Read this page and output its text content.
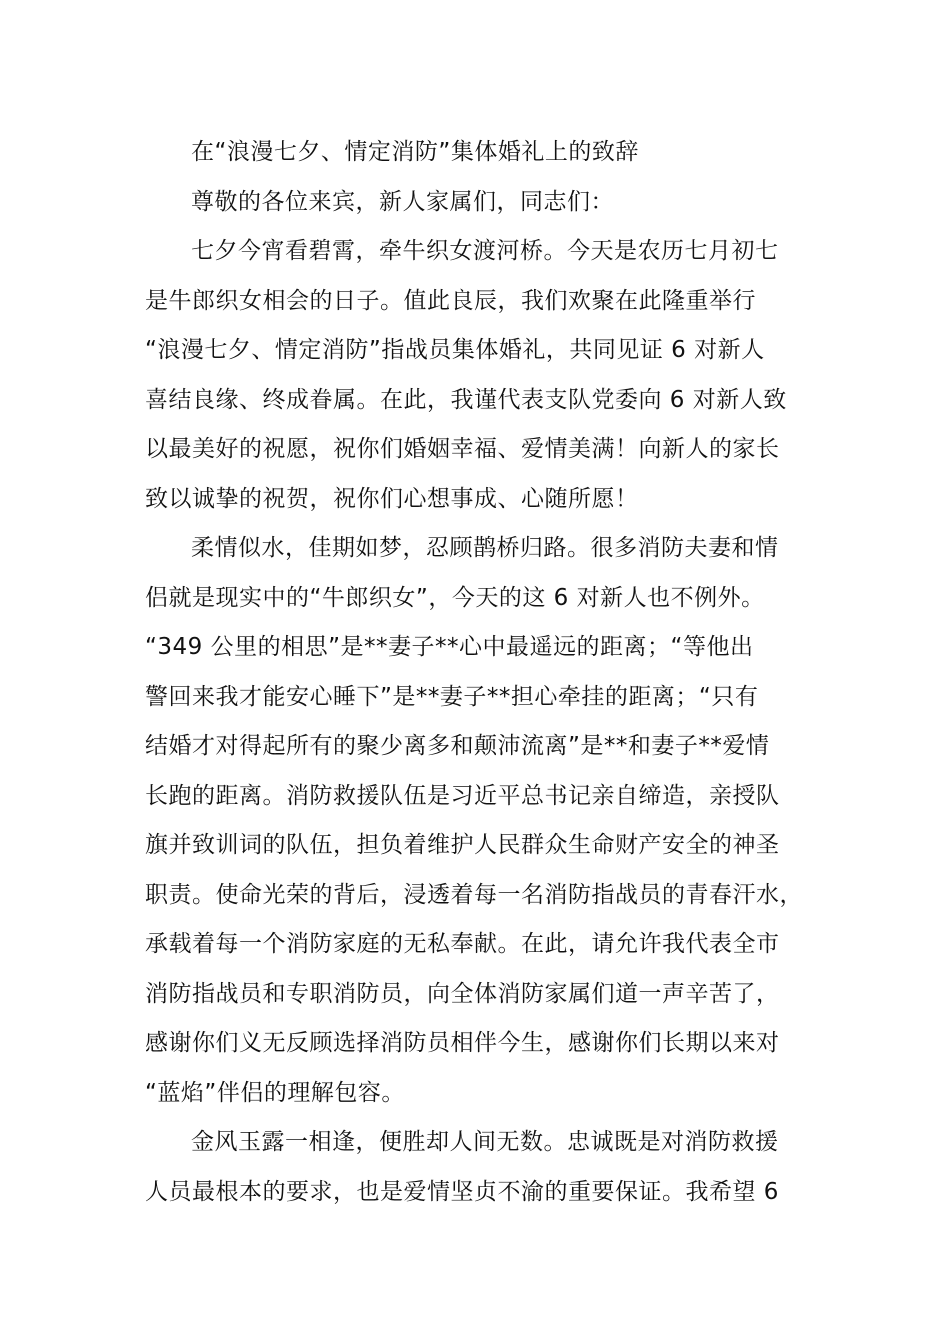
在“浪漫七夕、情定消防”集体婚礼上的致辞
尊敬的各位来宾，新人家属们，同志们：
七夕今宵看碧霄，牵牛织女渡河桥。今天是农历七月初七
是牛郎织女相会的日子。值此良辰，我们欢聚在此隆重举行
“浪漫七夕、情定消防”指战员集体婚礼，共同见证 6 对新人
喜结良缘、终成眷属。在此，我谨代表支队党委向 6 对新人致
以最美好的祝愿，祝你们婚姻幸福、爱情美满！向新人的家长
致以诚挚的祝贺，祝你们心想事成、心随所愿！
柔情似水，佳期如梦，忍顾鹊桥归路。很多消防夫妻和情
侣就是现实中的“牛郎织女”，今天的这 6 对新人也不例外。
“349 公里的相思”是**妻子**心中最遥远的距离；“等他出
警回来我才能安心睡下”是**妻子**担心牵挂的距离；“只有
结婚才对得起所有的聚少离多和颠沛流离”是**和妻子**爱情
长跑的距离。消防救援队伍是习近平总书记亲自缔造，亲授队
旗并致训词的队伍，担负着维护人民群众生命财产安全的神圣
职责。使命光荣的背后，浸透着每一名消防指战员的青春汗水，
承载着每一个消防家庭的无私奉献。在此，请允许我代表全市
消防指战员和专职消防员，向全体消防家属们道一声辛苦了，
感谢你们义无反顾选择消防员相伴今生，感谢你们长期以来对
“蓝焰”伴侣的理解包容。
金风玉露一相逢，便胜却人间无数。忠诚既是对消防救援
人员最根本的要求，也是爱情坚贞不渝的重要保证。我希望 6
